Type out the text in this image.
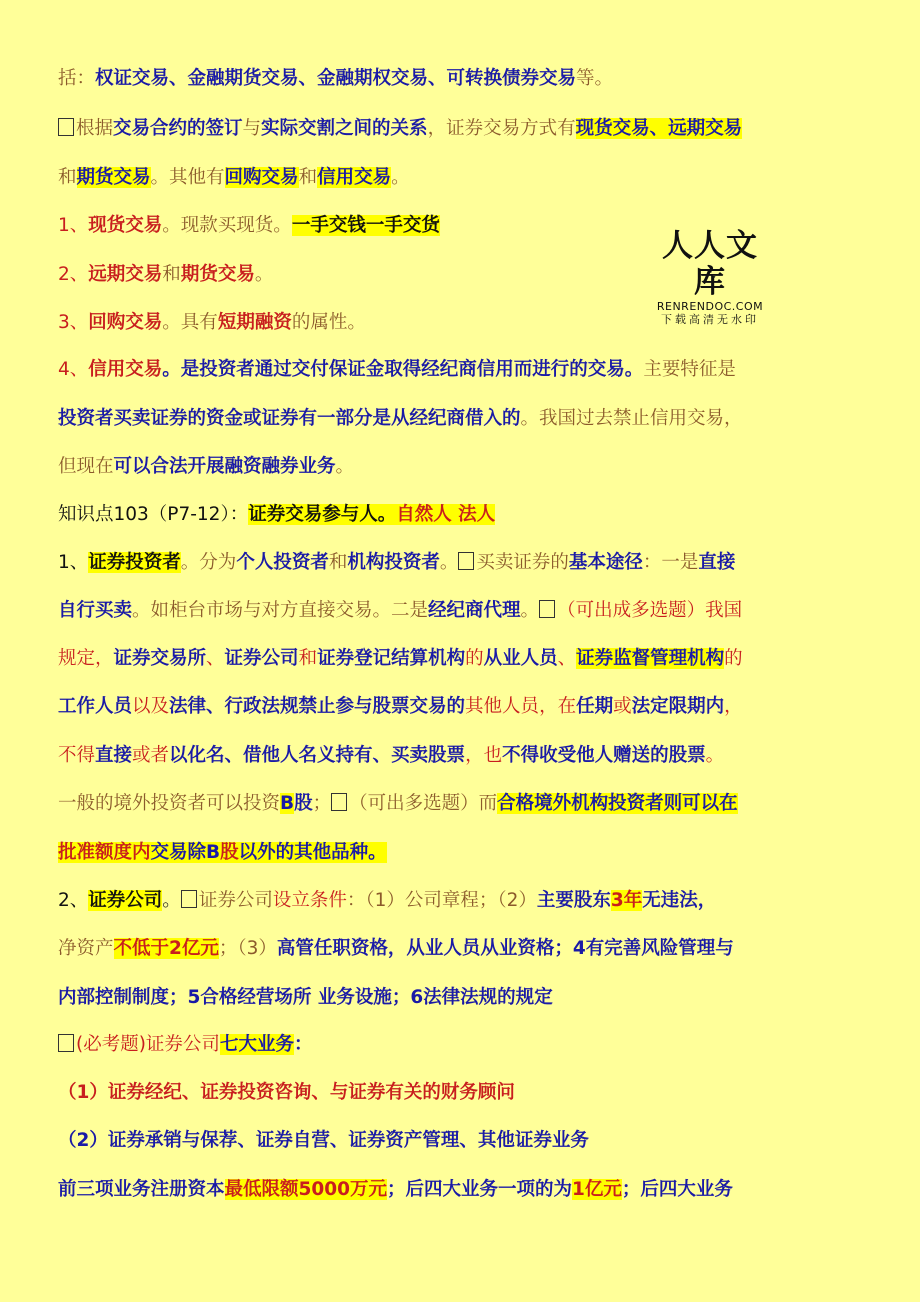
括：权证交易、金融期货交易、金融期权交易、可转换债券交易等。
根据交易合约的签订与实际交割之间的关系，证券交易方式有现货交易、远期交易
和期货交易。其他有回购交易和信用交易。
1、现货交易。现款买现货。一手交钱一手交货
2、远期交易和期货交易。
3、回购交易。具有短期融资的属性。
4、信用交易。是投资者通过交付保证金取得经纪商信用而进行的交易。主要特征是
投资者买卖证券的资金或证券有一部分是从经纪商借入的。我国过去禁止信用交易，
但现在可以合法开展融资融券业务。
知识点103（P7-12）：证券交易参与人。自然人 法人
1、证券投资者。分为个人投资者和机构投资者。 买卖证券的基本途径：一是直接
自行买卖。如柜台市场与对方直接交易。二是经纪商代理。 （可出成多选题）我国
规定，证券交易所、证券公司和证券登记结算机构的从业人员、证券监督管理机构的
工作人员以及法律、行政法规禁止参与股票交易的其他人员，在任期或法定限期内，
不得直接或者以化名、借他人名义持有、买卖股票，也不得收受他人赠送的股票。
一般的境外投资者可以投资B股； （可出多选题）而合格境外机构投资者则可以在
批准额度内交易除B股以外的其他品种。
2、证券公司。 证券公司设立条件：（1）公司章程；（2）主要股东3年无违法，
净资产不低于2亿元；（3）高管任职资格，从业人员从业资格；4有完善风险管理与
内部控制制度；5合格经营场所 业务设施；6法律法规的规定
(必考题)证券公司七大业务：
（1）证券经纪、证券投资咨询、与证券有关的财务顾问
（2）证券承销与保荐、证券自营、证券资产管理、其他证券业务
前三项业务注册资本最低限额5000万元；后四大业务一项的为1亿元；后四大业务
人人文库
RENRENDOC.COM
下载高清无水印
